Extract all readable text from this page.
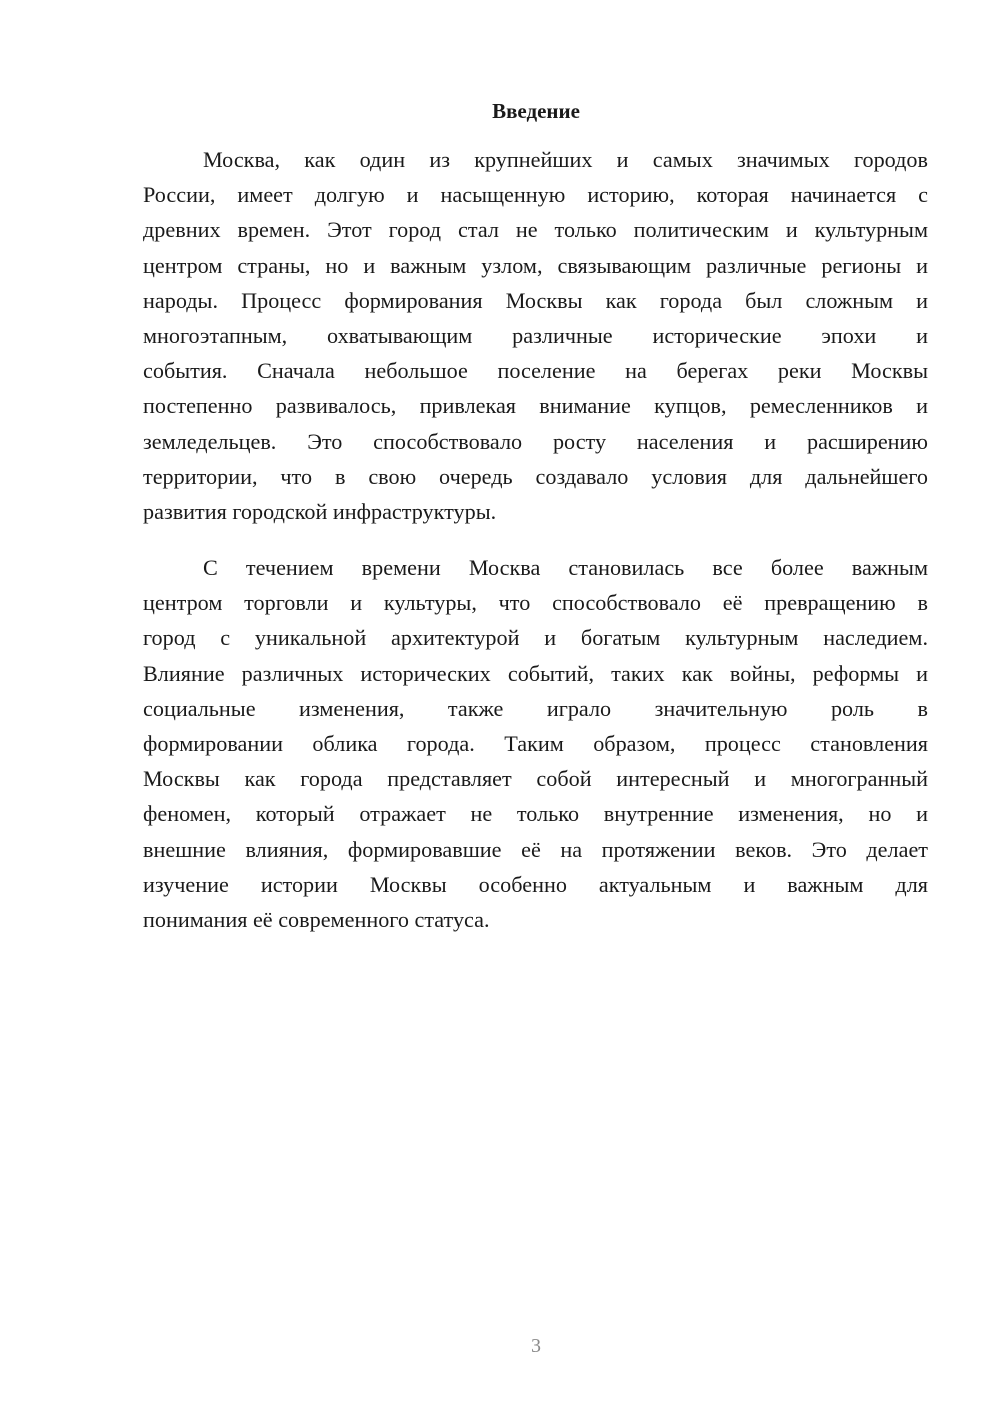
Введение
Москва, как один из крупнейших и самых значимых городов
России, имеет долгую и насыщенную историю, которая начинается с
древних времен. Этот город стал не только политическим и культурным
центром страны, но и важным узлом, связывающим различные регионы и
народы. Процесс формирования Москвы как города был сложным и
многоэтапным, охватывающим различные исторические эпохи и
события. Сначала небольшое поселение на берегах реки Москвы
постепенно развивалось, привлекая внимание купцов, ремесленников и
земледельцев. Это способствовало росту населения и расширению
территории, что в свою очередь создавало условия для дальнейшего
развития городской инфраструктуры.
С течением времени Москва становилась все более важным
центром торговли и культуры, что способствовало её превращению в
город с уникальной архитектурой и богатым культурным наследием.
Влияние различных исторических событий, таких как войны, реформы и
социальные изменения, также играло значительную роль в
формировании облика города. Таким образом, процесс становления
Москвы как города представляет собой интересный и многогранный
феномен, который отражает не только внутренние изменения, но и
внешние влияния, формировавшие её на протяжении веков. Это делает
изучение истории Москвы особенно актуальным и важным для
понимания её современного статуса.
3
